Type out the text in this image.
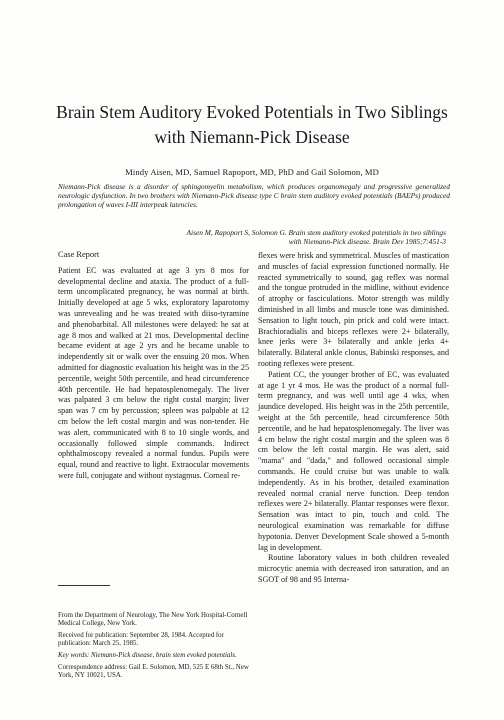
Brain Stem Auditory Evoked Potentials in Two Siblings
with Niemann-Pick Disease
Mindy Aisen, MD, Samuel Rapoport, MD, PhD and Gail Solomon, MD
Niemann-Pick disease is a disorder of sphingomyelin metabolism, which produces organomegaly and progressive generalized neurologic dysfunction. In two brothers with Niemann-Pick disease type C brain stem auditory evoked potentials (BAEPs) produced prolongation of waves I-III interpeak latencies.
Aisen M, Rapoport S, Solomon G. Brain stem auditory evoked potentials in two siblings
with Niemann-Pick disease. Brain Dev 1985;7:451-3
Case Report

Patient EC was evaluated at age 3 yrs 8 mos for developmental decline and ataxia. The product of a full-term uncomplicated pregnancy, he was normal at birth. Initially developed at age 5 wks, exploratory laparotomy was unrevealing and he was treated with diiso-tyramine and phenobarbital. All milestones were delayed: he sat at age 8 mos and walked at 21 mos. Developmental decline became evident at age 2 yrs and he became unable to independently sit or walk over the ensuing 20 mos. When admitted for diagnostic evaluation his height was in the 25 percentile, weight 50th percentile, and head circumference 40th percentile. He had hepatosplenomegaly. The liver was palpated 3 cm below the right costal margin; liver span was 7 cm by percussion; spleen was palpable at 12 cm below the left costal margin and was non-tender. He was alert, communicated with 8 to 10 single words, and occasionally followed simple commands. Indirect ophthalmoscopy revealed a normal fundus. Pupils were equal, round and reactive to light. Extraocular movements were full, conjugate and without nystagmus. Corneal re-

flexes were brisk and symmetrical. Muscles of mastication and muscles of facial expression functioned normally. He reacted symmetrically to sound, gag reflex was normal and the tongue protruded in the midline, without evidence of atrophy or fasciculations. Motor strength was mildly diminished in all limbs and muscle tone was diminished. Sensation to light touch, pin prick and cold were intact. Brachioradialis and biceps reflexes were 2+ bilaterally, knee jerks were 3+ bilaterally and ankle jerks 4+ bilaterally. Bilateral ankle clonus, Babinski responses, and rooting reflexes were present.

Patient CC, the younger brother of EC, was evaluated at age 1 yr 4 mos. He was the product of a normal full-term pregnancy, and was well until age 4 wks, when jaundice developed. His height was in the 25th percentile, weight at the 5th percentile, head circumference 50th percentile, and he had hepatosplenomegaly. The liver was 4 cm below the right costal margin and the spleen was 8 cm below the left costal margin. He was alert, said "mama" and "dada," and followed occasional simple commands. He could cruise but was unable to walk independently. As in his brother, detailed examination revealed normal cranial nerve function. Deep tendon reflexes were 2+ bilaterally. Plantar responses were flexor. Sensation was intact to pin, touch and cold. The neurological examination was remarkable for diffuse hypotonia. Denver Development Scale showed a 5-month lag in development.

Routine laboratory values in both children revealed microcytic anemia with decreased iron saturation, and an SGOT of 98 and 95 Interna-

From the Department of Neurology, The New York Hospital-Cornell Medical College, New York.
Received for publication: September 28, 1984. Accepted for publication: March 25, 1985.
Key words: Niemann-Pick disease, brain stem evoked potentials.
Correspondence address: Gail E. Solomon, MD, 525 E 68th St., New York, NY 10021, USA.
